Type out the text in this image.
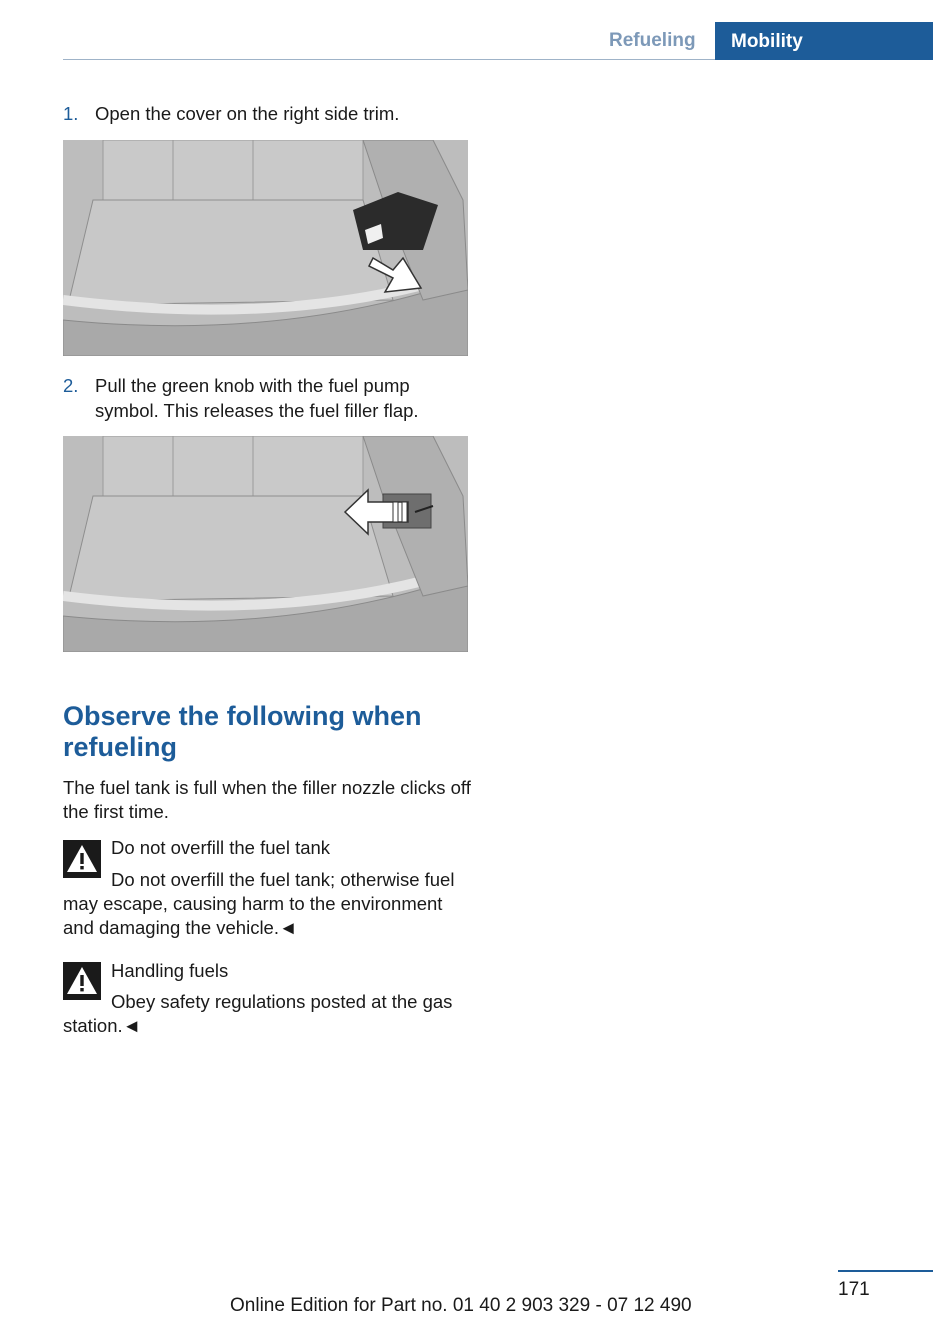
Refueling	Mobility
1. Open the cover on the right side trim.
2. Pull the green knob with the fuel pump symbol. This releases the fuel filler flap.
Observe the following when refueling
The fuel tank is full when the filler nozzle clicks off the first time.
Do not overfill the fuel tank
Do not overfill the fuel tank; otherwise fuel may escape, causing harm to the environment and damaging the vehicle.◄
Handling fuels
Obey safety regulations posted at the gas station.◄
171
Online Edition for Part no. 01 40 2 903 329 - 07 12 490
